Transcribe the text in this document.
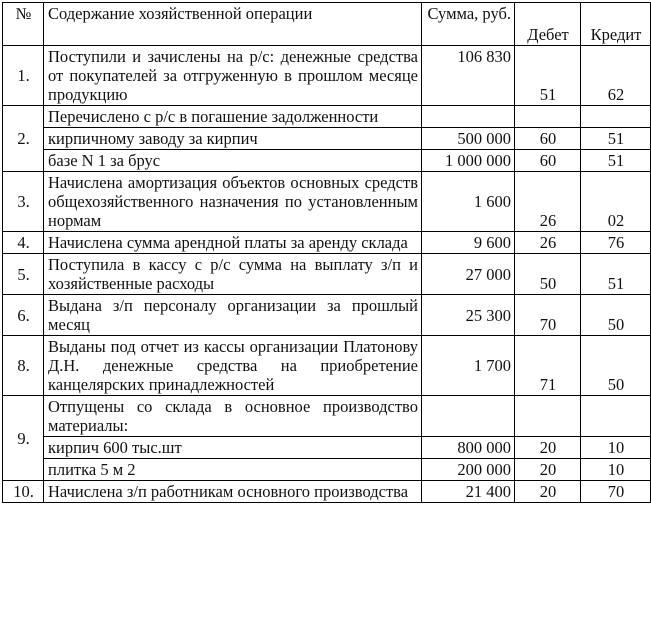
№	Содержание хозяйственной операции	Сумма, руб.	Дебет	Кредит
1.	Поступили и зачислены на р/с: денежные средства от покупателей за отгруженную в прошлом месяце продукцию	106 830	51	62
2.	Перечислено с р/с в погашение задолженности			
	кирпичному заводу за кирпич	500 000	60	51
	базе N 1 за брус	1 000 000	60	51
3.	Начислена амортизация объектов основных средств общехозяйственного назначения по установленным нормам	1 600	26	02
4.	Начислена сумма арендной платы за аренду склада	9 600	26	76
5.	Поступила в кассу с р/с сумма на выплату з/п и хозяйственные расходы	27 000	50	51
6.	Выдана з/п персоналу организации за прошлый месяц	25 300	70	50
8.	Выданы под отчет из кассы организации Платонову Д.Н. денежные средства на приобретение канцелярских принадлежностей	1 700	71	50
9.	Отпущены со склада в основное производство материалы:			
	кирпич 600 тыс.шт	800 000	20	10
	плитка 5 м 2	200 000	20	10
10.	Начислена з/п работникам основного производства	21 400	20	70
